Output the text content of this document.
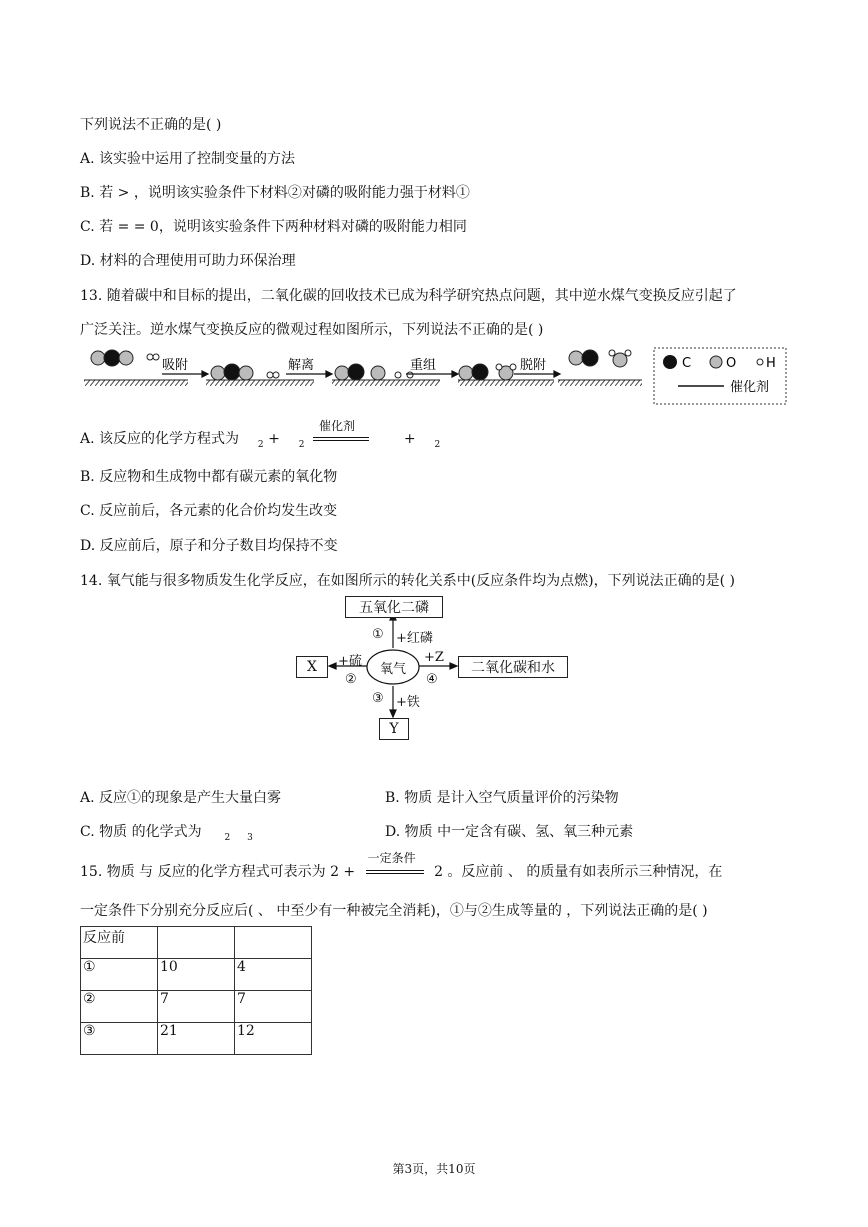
下列说法不正确的是( )
A. 该实验中运用了控制变量的方法
B. 若 > ，说明该实验条件下材料②对磷的吸附能力强于材料①
C. 若 = = 0，说明该实验条件下两种材料对磷的吸附能力相同
D. 材料的合理使用可助力环保治理
13. 随着碳中和目标的提出，二氧化碳的回收技术已成为科学研究热点问题，其中逆水煤气变换反应引起了
广泛关注。逆水煤气变换反应的微观过程如图所示，下列说法不正确的是( )
吸附	解离	重组	脱附	C	O H
催化剂
A. 该反应的化学方程式为 $_2$ + $_2$
催化剂
+ $_2$
B. 反应物和生成物中都有碳元素的氧化物
C. 反应前后，各元素的化合价均发生改变
D. 反应前后，原子和分子数目均保持不变
14. 氧气能与很多物质发生化学反应，在如图所示的转化关系中(反应条件均为点燃)，下列说法正确的是( )
五氧化二磷
X	二氧化碳和水
Y
氧气
① +红磷
+硫
②
③ +铁
+Z
④
A. 反应①的现象是产生大量白雾	B. 物质 是计入空气质量评价的污染物
C. 物质 的化学式为	$_2$ $_3$	D. 物质 中一定含有碳、氢、氧三种元素
15. 物质 与 反应的化学方程式可表示为 2 +
一定条件
2 。反应前 、 的质量有如表所示三种情况，在
一定条件下分别充分反应后( 、 中至少有一种被完全消耗)，①与②生成等量的 ，下列说法正确的是( )
反应前		
①	10	4
②	7	7
③	21	12
第3页，共10页
